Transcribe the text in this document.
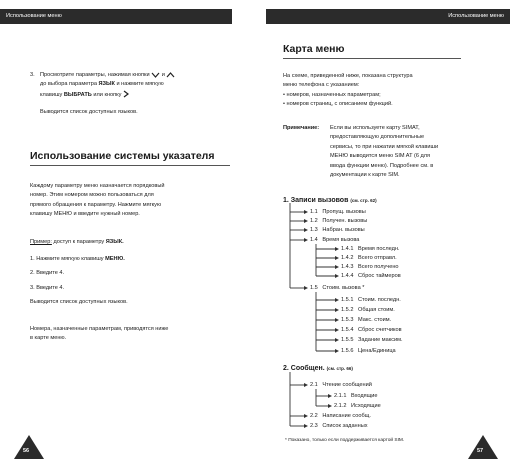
Использование меню
3. Просмотрите параметры, нажимая кнопки и
до выбора параметра ЯЗЫК и нажмите мягкую
клавишу ВЫБРАТЬ или кнопку
Выводится список доступных языков.
Использование системы указателя
Каждому параметру меню назначается порядковый
номер. Этим номером можно пользоваться для
прямого обращения к параметру. Нажмите мягкую
клавишу МЕНЮ и введите нужный номер.
Пример: доступ к параметру ЯЗЫК.
1. Нажмите мягкую клавишу МЕНЮ.
2. Введите 4.
3. Введите 4.
Выводится список доступных языков.
Номера, назначенные параметрам, приводятся ниже
в карте меню.
56
Использование меню
Карта меню
На схеме, приведенной ниже, показана структура
меню телефона с указанием:
• номеров, назначенных параметрам;
• номеров страниц, с описанием функций.
Примечание: Если вы используете карту SIMAT,
предоставляющую дополнительные
сервисы, то при нажатии мягкой клавиши
МЕНЮ выводится меню SIM AT (6 для
ввода функции меню). Подробнее см. в
документации к карте SIM.
1. Записи вызовов (см. стр. 62)
2. Сообщен. (см. стр. 66)
1.1 Пропущ. вызовы
1.2 Получен. вызовы
1.3 Набран. вызовы
1.4 Время вызова
1.5 Стоим. вызова *
1.4.1 Время последн.
1.4.2 Всего отправл.
1.4.3 Всего получено
1.4.4 Сброс таймеров
1.5.1 Стоим. последн.
1.5.2 Общая стоим.
1.5.3 Макс. стоим.
1.5.4 Сброс счетчиков
1.5.5 Задание максим.
1.5.6 Цена/Единица
2.1 Чтение сообщений
2.2 Написание сообщ.
2.3 Список заданных
2.1.1 Входящие
2.1.2 Исходящие
* Показано, только если поддерживается картой SIM.
57
